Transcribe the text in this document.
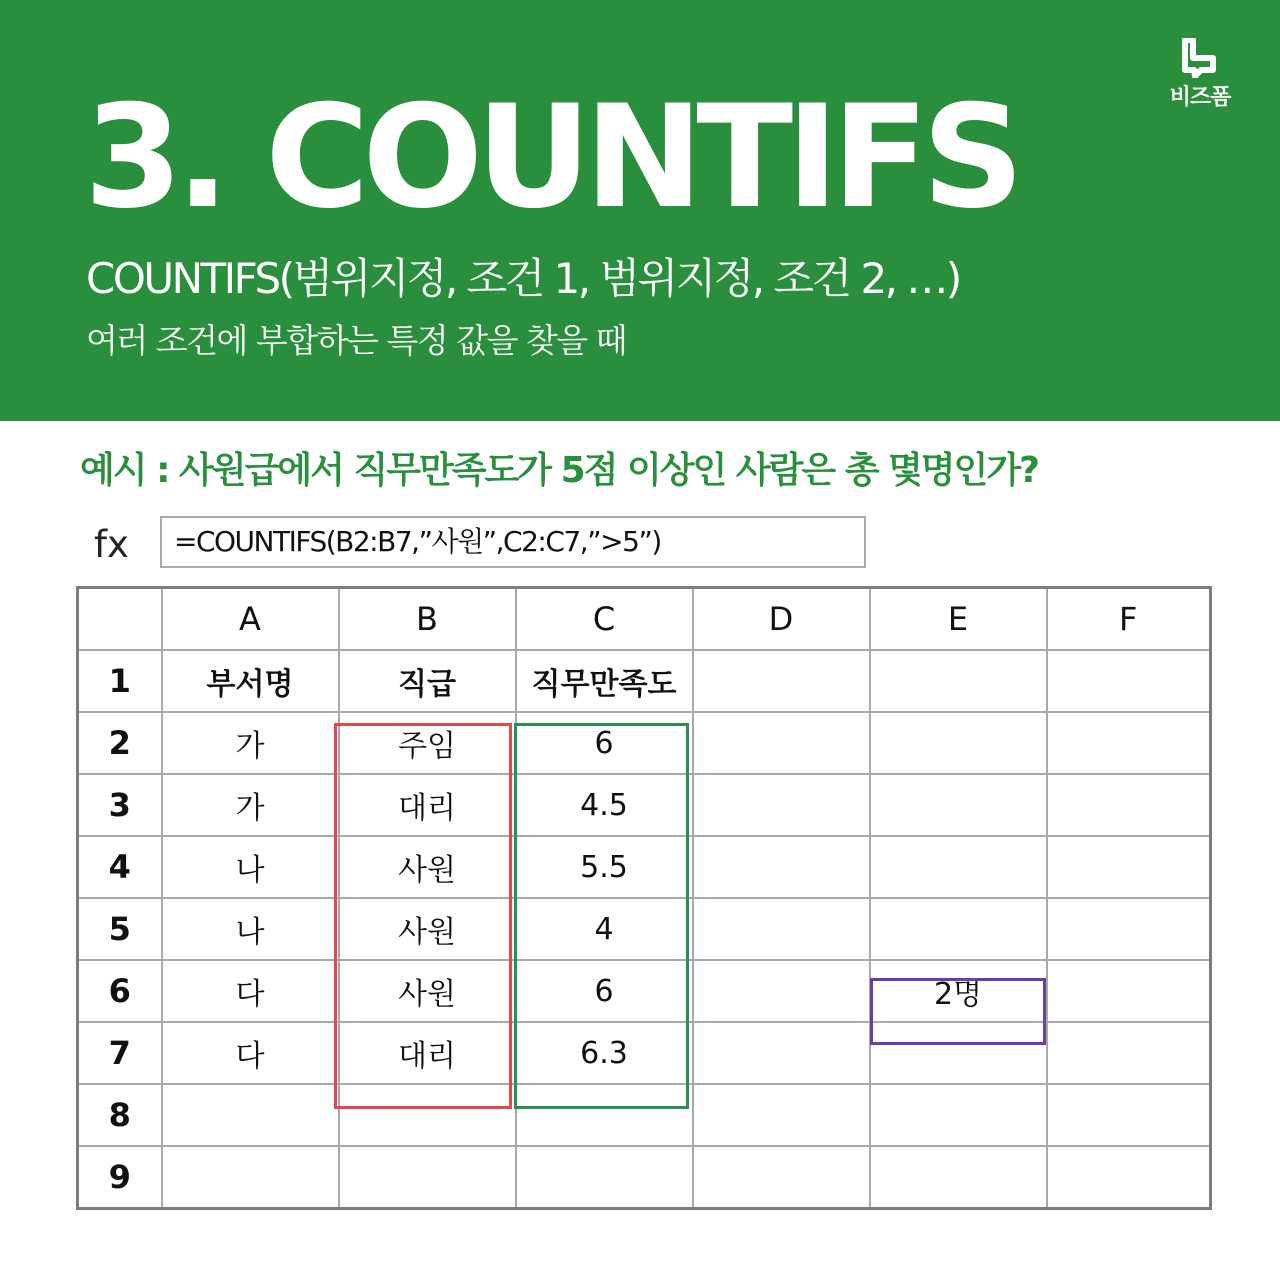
3. COUNTIFS
COUNTIFS(범위지정, 조건 1, 범위지정, 조건 2, …)
여러 조건에 부합하는 특정 값을 찾을 때
비즈폼
예시 : 사원급에서 직무만족도가 5점 이상인 사람은 총 몇명인가?
fx =COUNTIFS(B2:B7,”사원”,C2:C7,”>5”)
	A	B	C	D	E	F
1	부서명	직급	직무만족도			
2	가	주임	6			
3	가	대리	4.5			
4	나	사원	5.5			
5	나	사원	4			
6	다	사원	6		2명	
7	다	대리	6.3			
8						
9						
